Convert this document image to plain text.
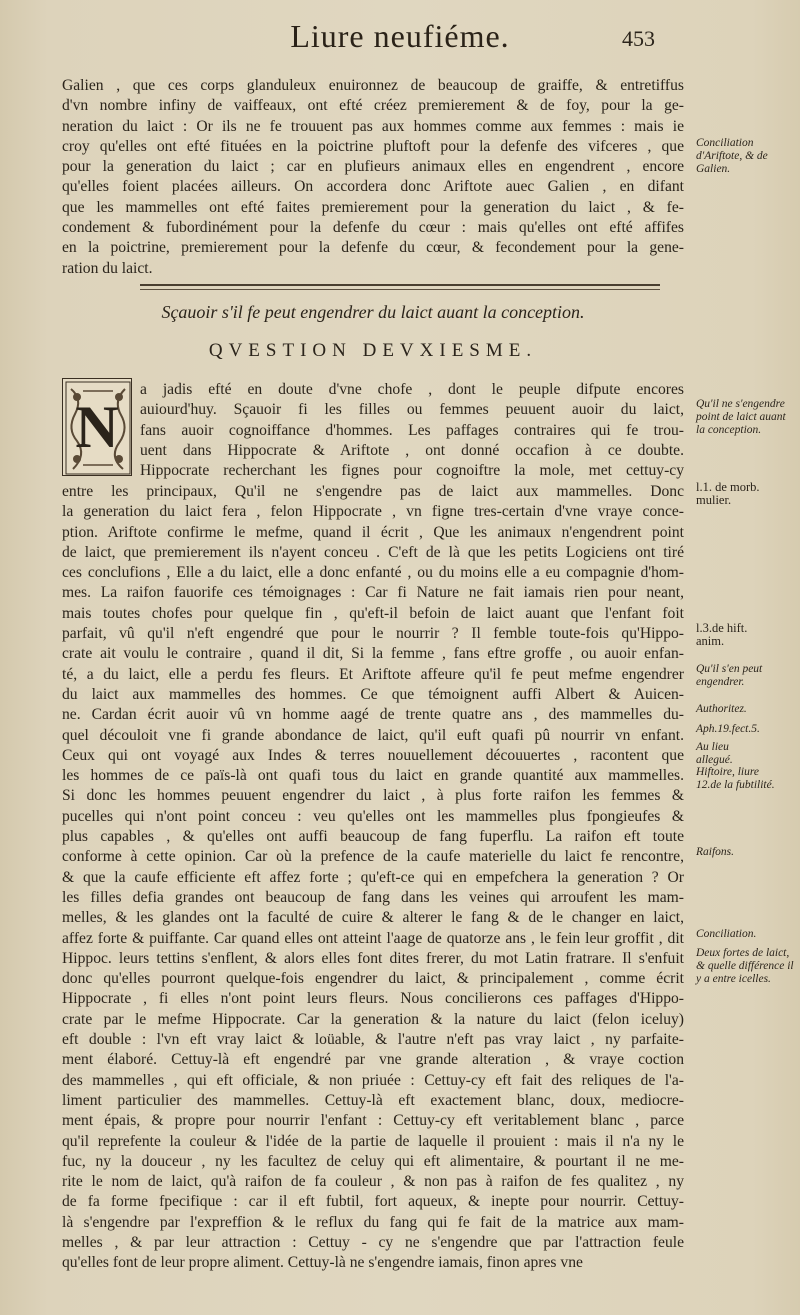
Liure neufiéme.	453
Galien , que ces corps glanduleux enuironnez de beaucoup de graiffe, & entretiffus
d'vn nombre infiny de vaiffeaux, ont efté créez premierement & de foy, pour la ge-
neration du laict : Or ils ne fe trouuent pas aux hommes comme aux femmes : mais ie
croy qu'elles ont efté fituées en la poictrine pluftoft pour la defenfe des vifceres , que
pour la generation du laict ; car en plufieurs animaux elles en engendrent , encore
qu'elles foient placées ailleurs. On accordera donc Ariftote auec Galien , en difant
que les mammelles ont efté faites premierement pour la generation du laict , & fe-
condement & fubordinément pour la defenfe du cœur : mais qu'elles ont efté affifes
en la poictrine, premierement pour la defenfe du cœur, & fecondement pour la gene-
ration du laict.
Conciliation d'Ariftote, & de Galien.
Sçauoir s'il fe peut engendrer du laict auant la conception.
QVESTION DEVXIESME.
N
a jadis efté en doute d'vne chofe , dont le peuple difpute encores
auiourd'huy. Sçauoir fi les filles ou femmes peuuent auoir du laict,
fans auoir cognoiffance d'hommes. Les paffages contraires qui fe trou-
uent dans Hippocrate & Ariftote , ont donné occafion à ce doubte.
Hippocrate recherchant les fignes pour cognoiftre la mole, met cettuy-cy
entre les principaux, Qu'il ne s'engendre pas de laict aux mammelles. Donc
la generation du laict fera , felon Hippocrate , vn figne tres-certain d'vne vraye conce-
ption. Ariftote confirme le mefme, quand il écrit , Que les animaux n'engendrent point
de laict, que premierement ils n'ayent conceu . C'eft de là que les petits Logiciens ont tiré
ces conclufions , Elle a du laict, elle a donc enfanté , ou du moins elle a eu compagnie d'hom-
mes. La raifon fauorife ces témoignages : Car fi Nature ne fait iamais rien pour neant,
mais toutes chofes pour quelque fin , qu'eft-il befoin de laict auant que l'enfant foit
parfait, vû qu'il n'eft engendré que pour le nourrir ? Il femble toute-fois qu'Hippo-
crate ait voulu le contraire , quand il dit, Si la femme , fans eftre groffe , ou auoir enfan-
té, a du laict, elle a perdu fes fleurs. Et Ariftote affeure qu'il fe peut mefme engendrer
du laict aux mammelles des hommes. Ce que témoignent auffi Albert & Auicen-
ne. Cardan écrit auoir vû vn homme aagé de trente quatre ans , des mammelles du-
quel découloit vne fi grande abondance de laict, qu'il euft quafi pû nourrir vn enfant.
Ceux qui ont voyagé aux Indes & terres nouuellement découuertes , racontent que
les hommes de ce païs-là ont quafi tous du laict en grande quantité aux mammelles.
Si donc les hommes peuuent engendrer du laict , à plus forte raifon les femmes &
pucelles qui n'ont point conceu : veu qu'elles ont les mammelles plus fpongieufes &
plus capables , & qu'elles ont auffi beaucoup de fang fuperflu. La raifon eft toute
conforme à cette opinion. Car où la prefence de la caufe materielle du laict fe rencontre,
& que la caufe efficiente eft affez forte ; qu'eft-ce qui en empefchera la generation ? Or
les filles defia grandes ont beaucoup de fang dans les veines qui arroufent les mam-
melles, & les glandes ont la faculté de cuire & alterer le fang & de le changer en laict,
affez forte & puiffante. Car quand elles ont atteint l'aage de quatorze ans , le fein leur groffit , dit
Hippoc. leurs tettins s'enflent, & alors elles font dites frerer, du mot Latin fratrare. Il s'enfuit
donc qu'elles pourront quelque-fois engendrer du laict, & principalement , comme écrit
Hippocrate , fi elles n'ont point leurs fleurs. Nous concilierons ces paffages d'Hippo-
crate par le mefme Hippocrate. Car la generation & la nature du laict (felon iceluy)
eft double : l'vn eft vray laict & loüable, & l'autre n'eft pas vray laict , ny parfaite-
ment élaboré. Cettuy-là eft engendré par vne grande alteration , & vraye coction
des mammelles , qui eft officiale, & non priuée : Cettuy-cy eft fait des reliques de l'a-
liment particulier des mammelles. Cettuy-là eft exactement blanc, doux, mediocre-
ment épais, & propre pour nourrir l'enfant : Cettuy-cy eft veritablement blanc , parce
qu'il reprefente la couleur & l'idée de la partie de laquelle il prouient : mais il n'a ny le
fuc, ny la douceur , ny les facultez de celuy qui eft alimentaire, & pourtant il ne me-
rite le nom de laict, qu'à raifon de fa couleur , & non pas à raifon de fes qualitez , ny
de fa forme fpecifique : car il eft fubtil, fort aqueux, & inepte pour nourrir. Cettuy-
là s'engendre par l'expreffion & le reflux du fang qui fe fait de la matrice aux mam-
melles , & par leur attraction : Cettuy - cy ne s'engendre que par l'attraction feule
qu'elles font de leur propre aliment. Cettuy-là ne s'engendre iamais, finon apres vne
Qu'il ne s'engendre point de laict auant la conception.
l.1. de morb. mulier.
l.3.de hift. anim.
Qu'il s'en peut engendrer.
Authoritez.
Aph.19.fect.5.
Au lieu allegué.
Hiftoire, liure 12.de la fubtilité.
Raifons.
Conciliation.
Deux fortes de laict, & quelle différence il y a entre icelles.
